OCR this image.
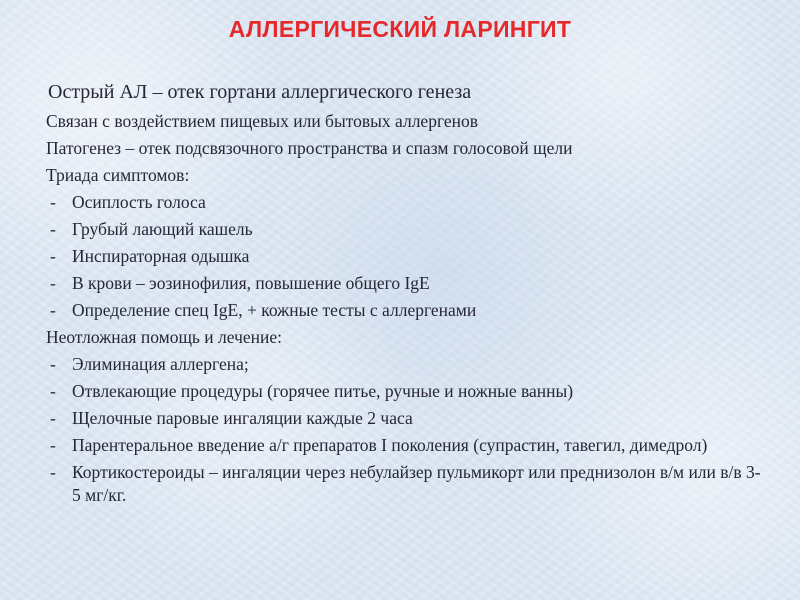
АЛЛЕРГИЧЕСКИЙ ЛАРИНГИТ

Острый АЛ – отек гортани аллергического генеза

Связан с воздействием пищевых или бытовых аллергенов

Патогенез – отек подсвязочного пространства и спазм голосовой щели

Триада симптомов:

- Осиплость голоса

- Грубый лающий кашель

- Инспираторная одышка

- В крови – эозинофилия, повышение общего IgE

- Определение спец IgE, + кожные тесты с аллергенами

Неотложная помощь и лечение:

- Элиминация аллергена;

- Отвлекающие процедуры (горячее питье, ручные и ножные ванны)

- Щелочные паровые ингаляции каждые 2 часа

- Парентеральное введение а/г препаратов I поколения (супрастин, тавегил, димедрол)

- Кортикостероиды – ингаляции через небулайзер пульмикорт или преднизолон в/м или в/в 3-5 мг/кг.
